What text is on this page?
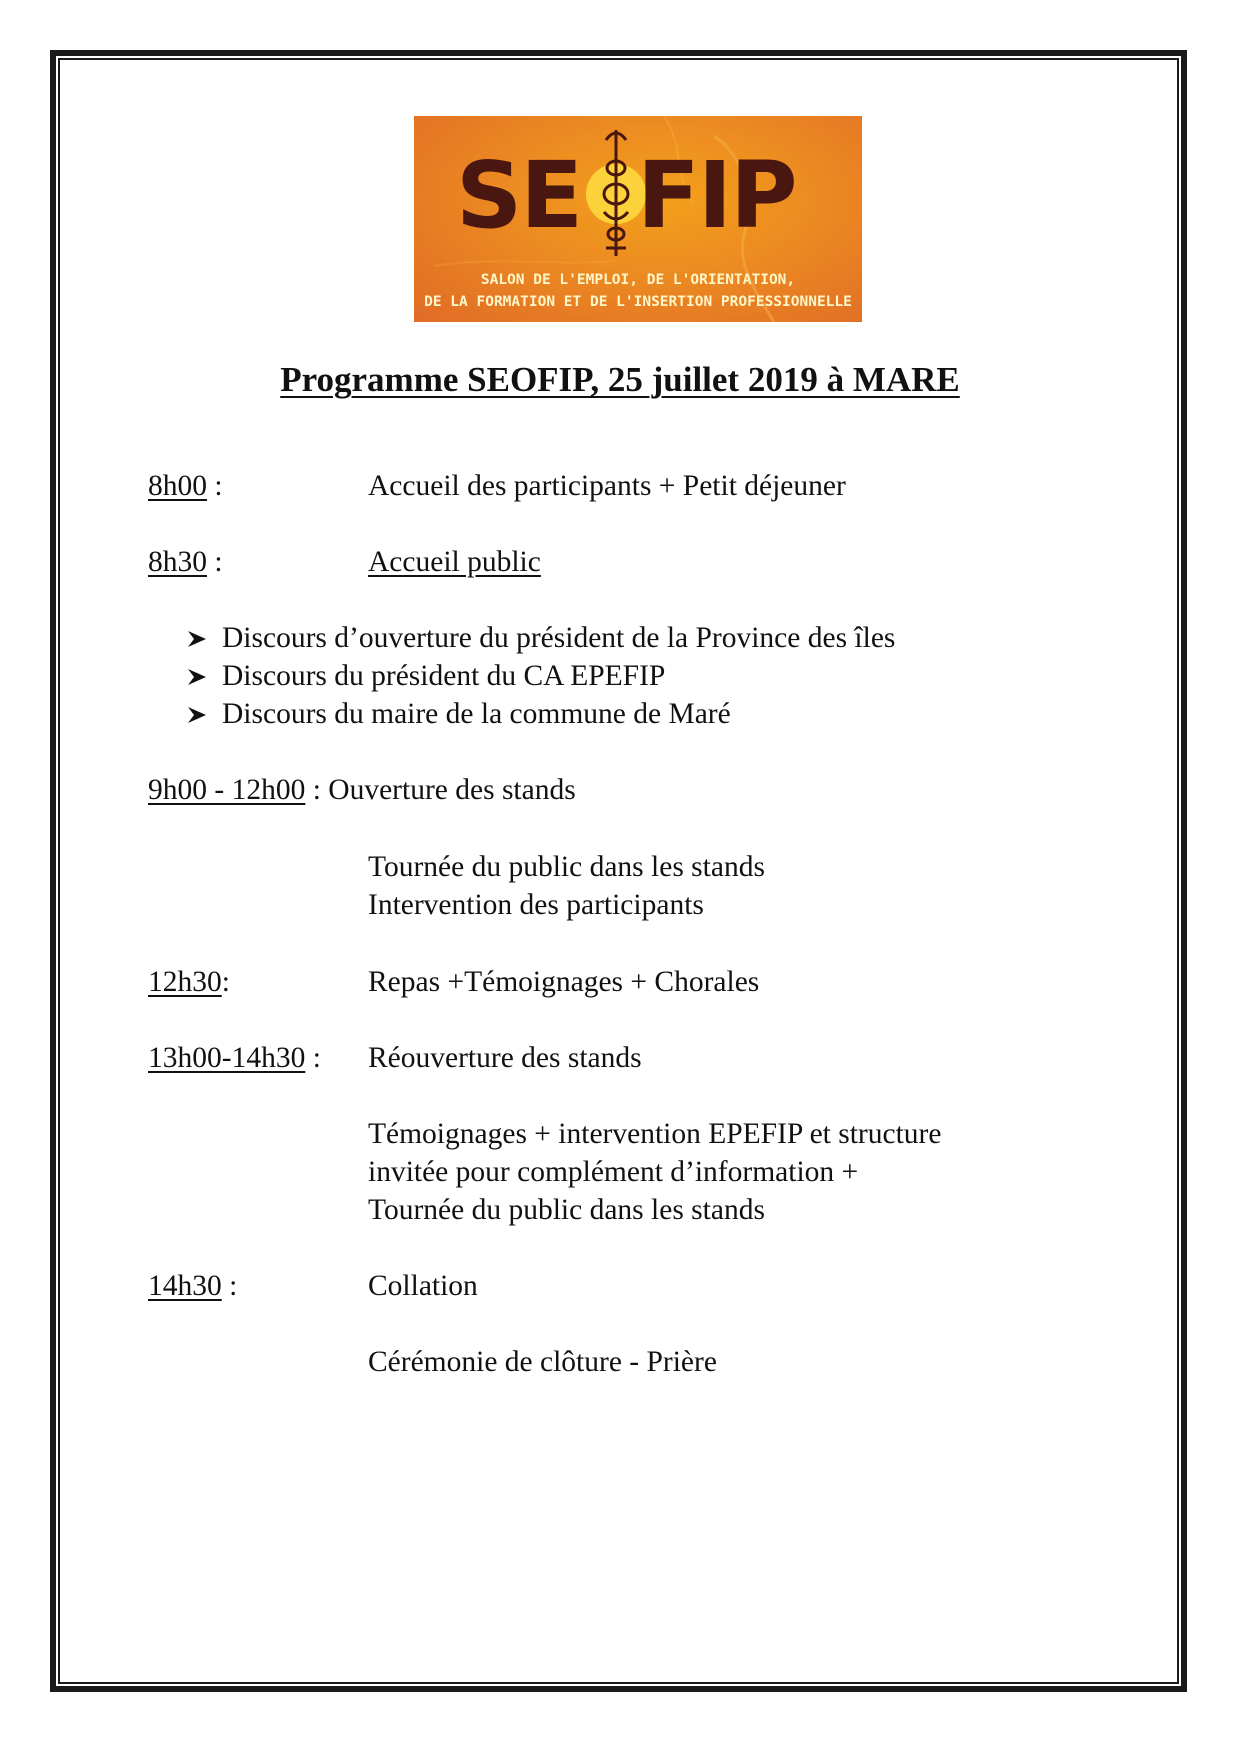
SE FIP
SALON DE L'EMPLOI, DE L'ORIENTATION,
DE LA FORMATION ET DE L'INSERTION PROFESSIONNELLE
Programme SEOFIP, 25 juillet 2019 à MARE
8h00 :	Accueil des participants + Petit déjeuner
8h30 :	Accueil public
Discours d’ouverture du président de la Province des îles
Discours du président du CA EPEFIP
Discours du maire de la commune de Maré
9h00 - 12h00 : Ouverture des stands
Tournée du public dans les stands
Intervention des participants
12h30:	Repas +Témoignages + Chorales
13h00-14h30 : Réouverture des stands
Témoignages + intervention EPEFIP et structure
invitée pour complément d’information +
Tournée du public dans les stands
14h30 :	Collation
Cérémonie de clôture - Prière
